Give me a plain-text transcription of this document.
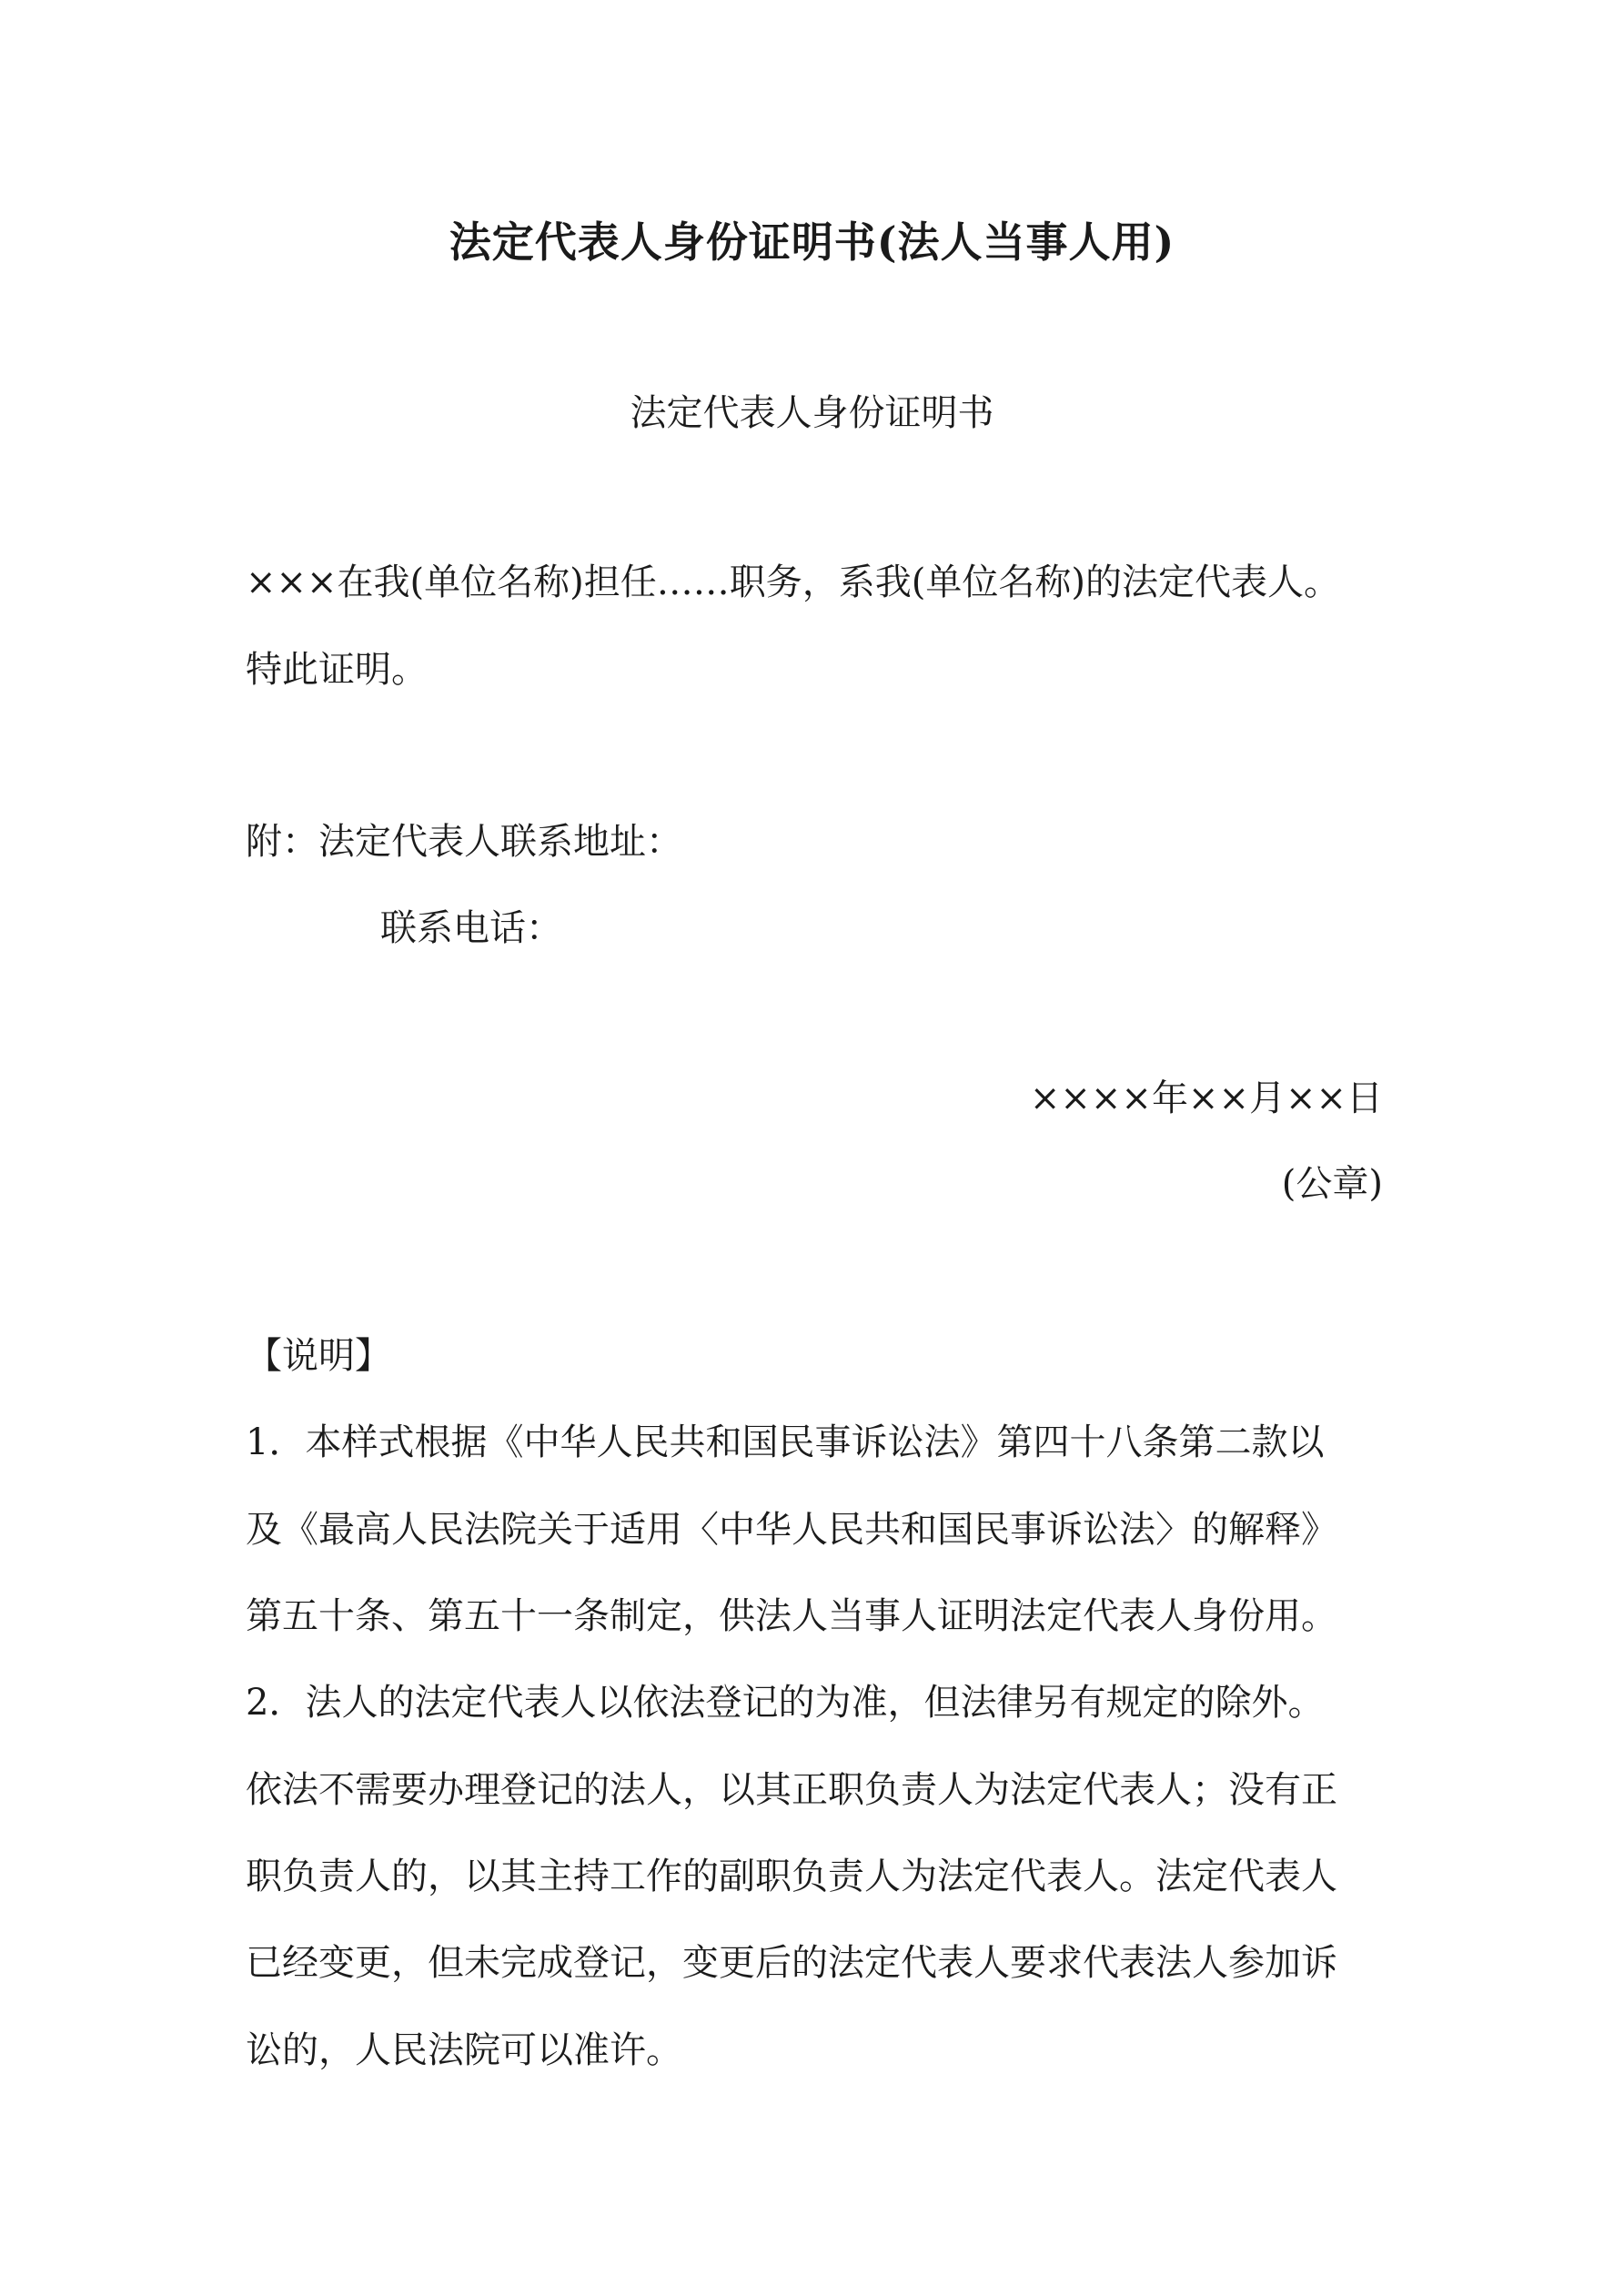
法定代表人身份证明书(法人当事人用)
法定代表人身份证明书
×××在我(单位名称)担任……职务，系我(单位名称)的法定代表人。
特此证明。
附：法定代表人联系地址：
联系电话：
××××年××月××日
(公章)
【说明】
1．本样式根据《中华人民共和国民事诉讼法》第四十八条第二款以
及《最高人民法院关于适用〈中华人民共和国民事诉讼法〉的解释》
第五十条、第五十一条制定，供法人当事人证明法定代表人身份用。
2．法人的法定代表人以依法登记的为准，但法律另有规定的除外。
依法不需要办理登记的法人，以其正职负责人为法定代表人；没有正
职负责人的，以其主持工作的副职负责人为法定代表人。法定代表人
已经变更，但未完成登记，变更后的法定代表人要求代表法人参加诉
讼的，人民法院可以准许。
